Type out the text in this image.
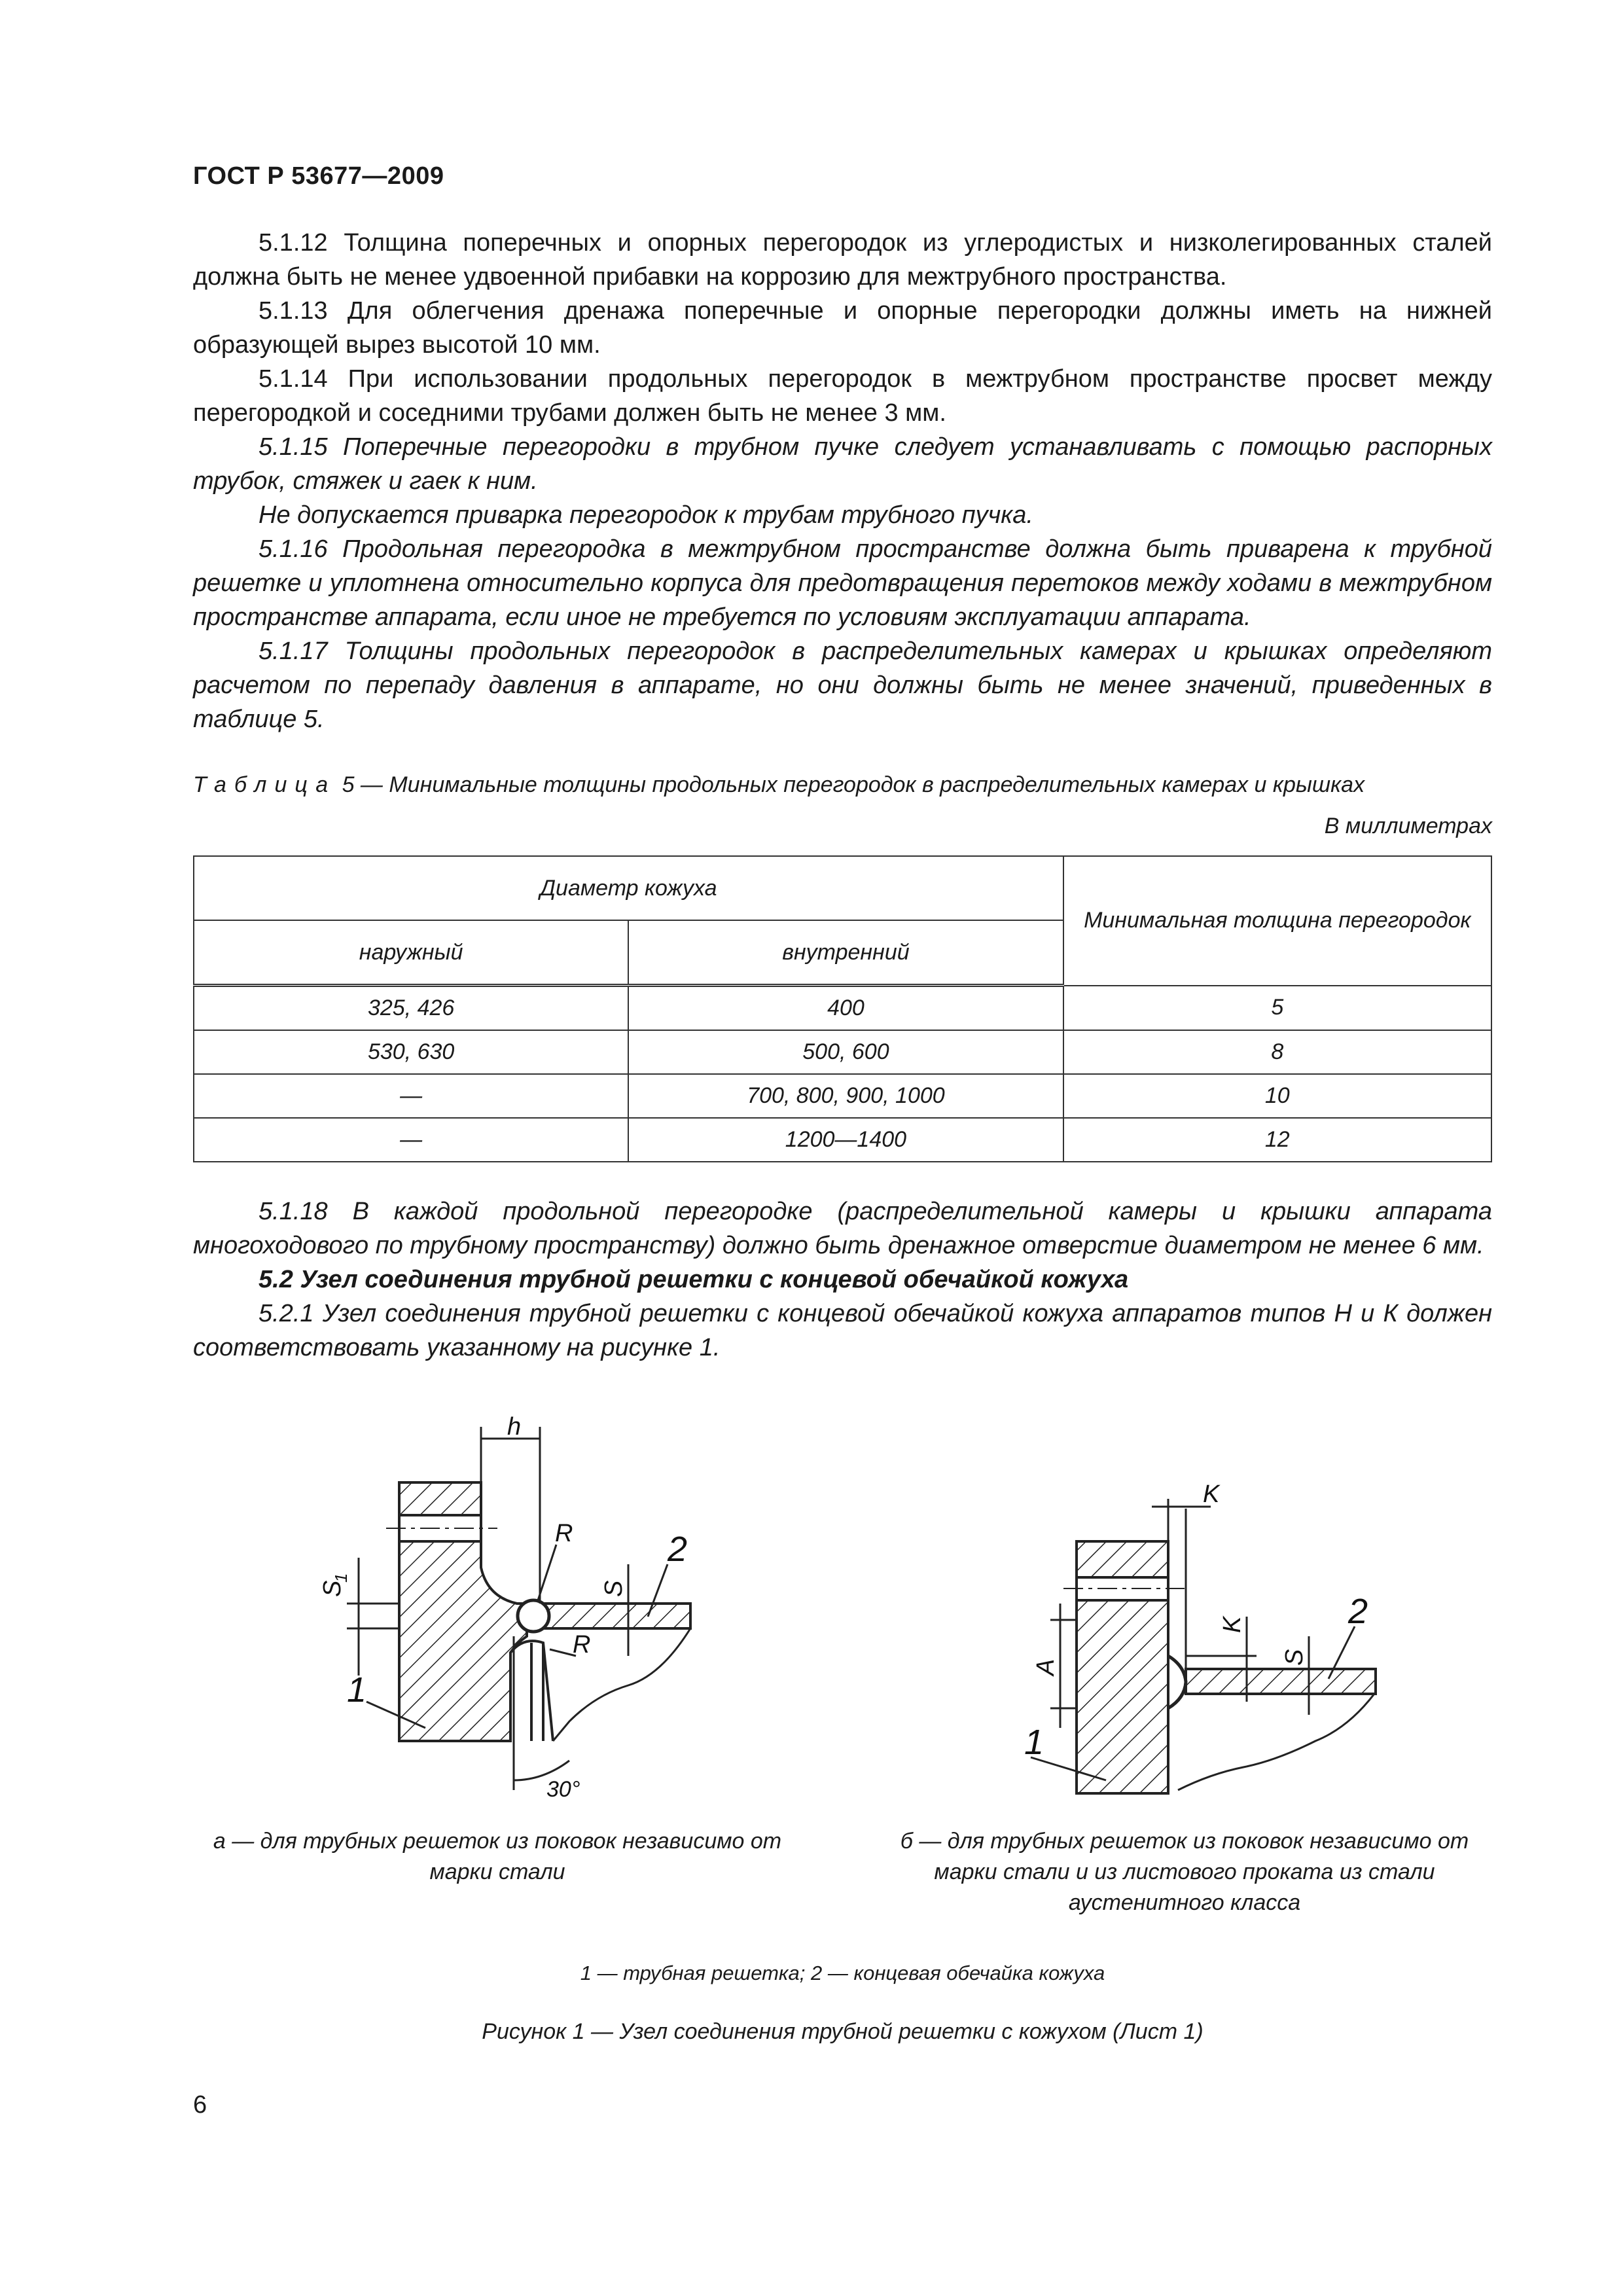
ГОСТ Р 53677—2009

5.1.12 Толщина поперечных и опорных перегородок из углеродистых и низколегированных сталей должна быть не менее удвоенной прибавки на коррозию для межтрубного пространства.

5.1.13 Для облегчения дренажа поперечные и опорные перегородки должны иметь на нижней образующей вырез высотой 10 мм.

5.1.14 При использовании продольных перегородок в межтрубном пространстве просвет между перегородкой и соседними трубами должен быть не менее 3 мм.

5.1.15 Поперечные перегородки в трубном пучке следует устанавливать с помощью распорных трубок, стяжек и гаек к ним.

Не допускается приварка перегородок к трубам трубного пучка.

5.1.16 Продольная перегородка в межтрубном пространстве должна быть приварена к трубной решетке и уплотнена относительно корпуса для предотвращения перетоков между ходами в межтрубном пространстве аппарата, если иное не требуется по условиям эксплуатации аппарата.

5.1.17 Толщины продольных перегородок в распределительных камерах и крышках определяют расчетом по перепаду давления в аппарате, но они должны быть не менее значений, приведенных в таблице 5.

Таблица 5 — Минимальные толщины продольных перегородок в распределительных камерах и крышках
В миллиметрах
Диаметр кожуха		Минимальная толщина перегородок
наружный	внутренний	
325, 426	400	5
530, 630	500, 600	8
—	700, 800, 900, 1000	10
—	1200—1400	12

5.1.18 В каждой продольной перегородке (распределительной камеры и крышки аппарата многоходового по трубному пространству) должно быть дренажное отверстие диаметром не менее 6 мм.

5.2 Узел соединения трубной решетки с концевой обечайкой кожуха

5.2.1 Узел соединения трубной решетки с концевой обечайкой кожуха аппаратов типов Н и К должен соответствовать указанному на рисунке 1.

h
R	2
R
1
S
1
S
30°
K
K
S
2
1
A
а — для трубных решеток из поковок независимо от марки стали
б — для трубных решеток из поковок независимо от марки стали и из листового проката из стали аустенитного класса
1 — трубная решетка; 2 — концевая обечайка кожуха
Рисунок 1 — Узел соединения трубной решетки с кожухом (Лист 1)
6
